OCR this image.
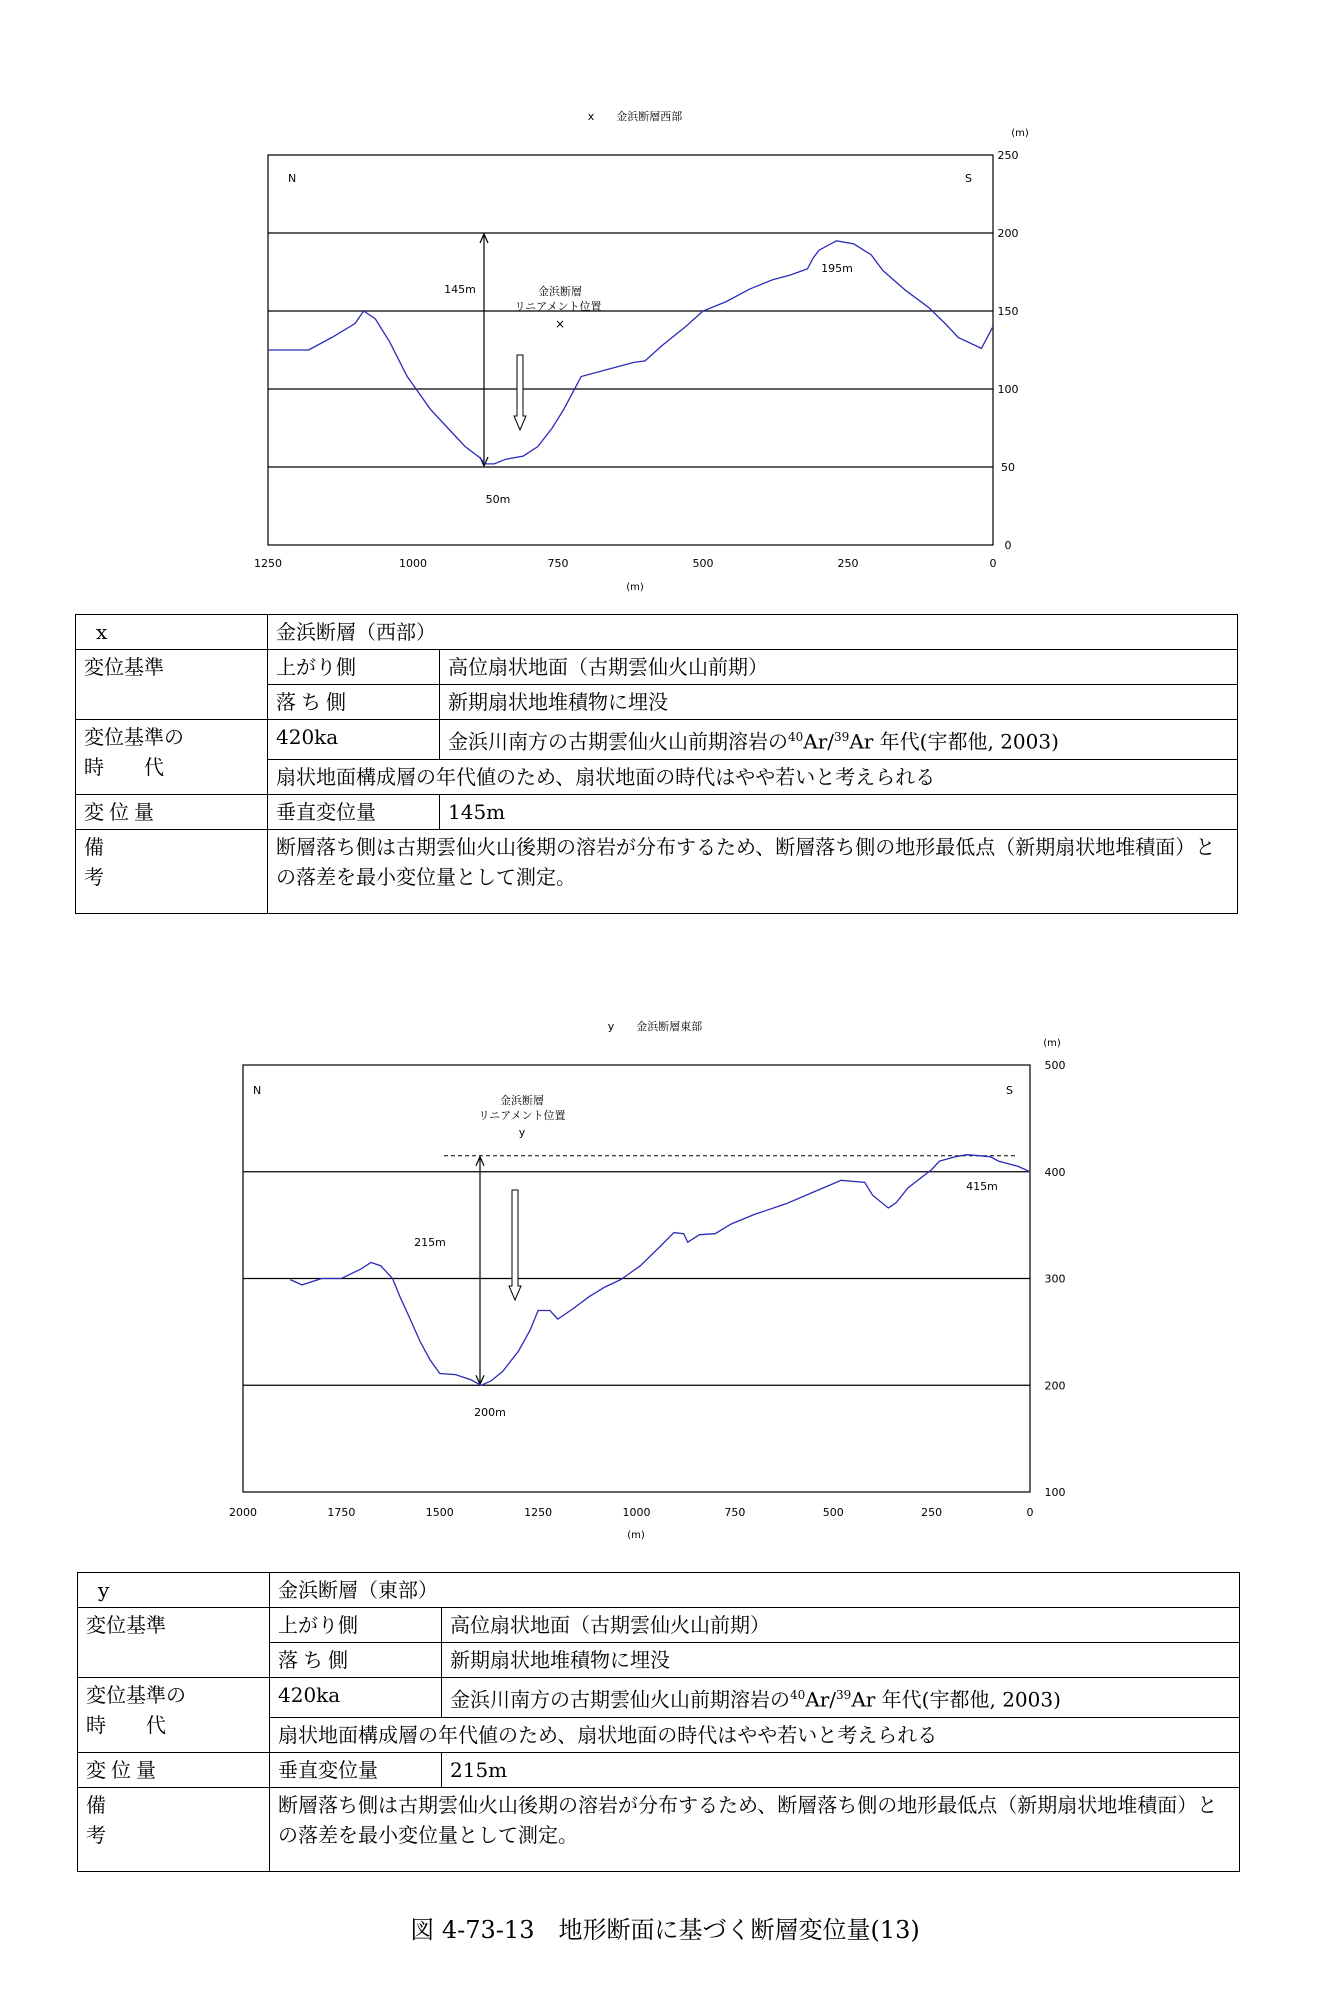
x　　金浜断層西部
(m)
(m)
N	S
金浜断層
リニアメント位置
×
145m
195m
50m
1250	1000	750	500	250	0
0
50
100
150
200
250
x	金浜断層（西部）	
変位基準	上がり側	高位扇状地面（古期雲仙火山前期）
	落ち側	新期扇状地堆積物に埋没

変位基準の
時　　代	420ka	金浜川南方の古期雲仙火山前期溶岩の$^{40}$Ar/$^{39}$Ar 年代(宇都他, 2003)
	扇状地面構成層の年代値のため、扇状地面の時代はやや若いと考えられる	
変位量	垂直変位量	145m
備考	断層落ち側は古期雲仙火山後期の溶岩が分布するため、断層落ち側の地形最低点（新期扇状地堆積面）との落差を最小変位量として測定。	
y　　金浜断層東部
(m)
(m)
N	S
金浜断層
リニアメント位置
y
215m
415m
200m
2000	1750	1500	1250	1000	750	500	250	0
100
200
300
400
500
y	金浜断層（東部）	
変位基準	上がり側	高位扇状地面（古期雲仙火山前期）
	落ち側	新期扇状地堆積物に埋没

変位基準の
時　　代	420ka	金浜川南方の古期雲仙火山前期溶岩の$^{40}$Ar/$^{39}$Ar 年代(宇都他, 2003)
	扇状地面構成層の年代値のため、扇状地面の時代はやや若いと考えられる	
変位量	垂直変位量	215m
備考	断層落ち側は古期雲仙火山後期の溶岩が分布するため、断層落ち側の地形最低点（新期扇状地堆積面）との落差を最小変位量として測定。	
図 4-73-13　地形断面に基づく断層変位量(13)
